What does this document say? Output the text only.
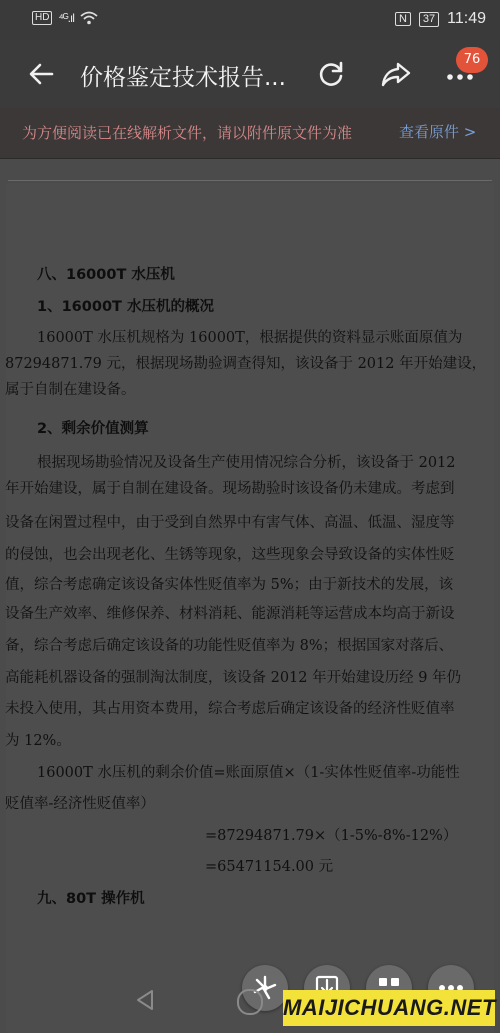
HD ⁴ᴳ.ıl	N	37 11:49
价格鉴定技术报告...
76
为方便阅读已在线解析文件，请以附件原文件为准	查看原件 >
八、16000T 水压机
1、16000T 水压机的概况
16000T 水压机规格为 16000T，根据提供的资料显示账面原值为
87294871.79 元，根据现场勘验调查得知，该设备于 2012 年开始建设，
属于自制在建设备。
2、剩余价值测算
根据现场勘验情况及设备生产使用情况综合分析，该设备于 2012
年开始建设，属于自制在建设备。现场勘验时该设备仍未建成。考虑到
设备在闲置过程中，由于受到自然界中有害气体、高温、低温、湿度等
的侵蚀，也会出现老化、生锈等现象，这些现象会导致设备的实体性贬
值，综合考虑确定该设备实体性贬值率为 5%；由于新技术的发展，该
设备生产效率、维修保养、材料消耗、能源消耗等运营成本均高于新设
备，综合考虑后确定该设备的功能性贬值率为 8%；根据国家对落后、
高能耗机器设备的强制淘汰制度，该设备 2012 年开始建设历经 9 年仍
未投入使用，其占用资本费用，综合考虑后确定该设备的经济性贬值率
为 12%。
16000T 水压机的剩余价值=账面原值×（1-实体性贬值率-功能性
贬值率-经济性贬值率）
=87294871.79×（1-5%-8%-12%）
=65471154.00 元
九、80T 操作机
MAIJICHUANG.NET
